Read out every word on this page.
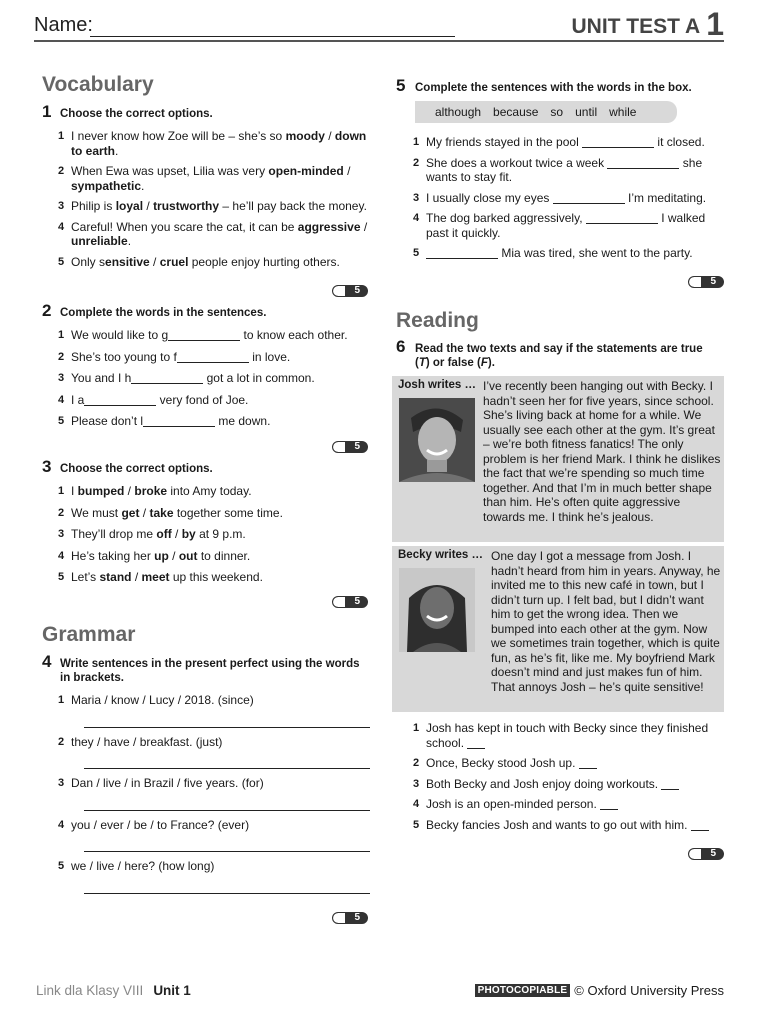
Name:	UNIT TEST A 1
Vocabulary
1 Choose the correct options.
1 I never know how Zoe will be – she’s so moody / down to earth.
2 When Ewa was upset, Lilia was very open-minded / sympathetic.
3 Philip is loyal / trustworthy – he’ll pay back the money.
4 Careful! When you scare the cat, it can be aggressive / unreliable.
5 Only sensitive / cruel people enjoy hurting others.
5
2 Complete the words in the sentences.
1 We would like to g	to know each other.
2 She’s too young to f	in love.
3 You and I h	got a lot in common.
4 I a	very fond of Joe.
5 Please don’t l	me down.
5
3 Choose the correct options.
1 I bumped / broke into Amy today.
2 We must get / take together some time.
3 They’ll drop me off / by at 9 p.m.
4 He’s taking her up / out to dinner.
5 Let’s stand / meet up this weekend.
5
Grammar
4 Write sentences in the present perfect using the words in brackets.
1 Maria / know / Lucy / 2018. (since)
2 they / have / breakfast. (just)
3 Dan / live / in Brazil / five years. (for)
4 you / ever / be / to France? (ever)
5 we / live / here? (how long)
5
5 Complete the sentences with the words in the box.
although because so until while
1 My friends stayed in the pool	it closed.
2 She does a workout twice a week	she wants to stay fit.
3 I usually close my eyes	I’m meditating.
4 The dog barked aggressively,	I walked past it quickly.
5	Mia was tired, she went to the party.
5
Reading
6 Read the two texts and say if the statements are true (T) or false (F).
Josh writes … I’ve recently been hanging out with Becky. I hadn’t seen her for five years, since school. She’s living back at home for a while. We usually see each other at the gym. It’s great – we’re both fitness fanatics! The only problem is her friend Mark. I think he dislikes the fact that we’re spending so much time together. And that I’m in much better shape than him. He’s often quite aggressive towards me. I think he’s jealous.
Becky writes … One day I got a message from Josh. I hadn’t heard from him in years. Anyway, he invited me to this new café in town, but I didn’t turn up. I felt bad, but I didn’t want him to get the wrong idea. Then we bumped into each other at the gym. Now we sometimes train together, which is quite fun, as he’s fit, like me. My boyfriend Mark doesn’t mind and just makes fun of him. That annoys Josh – he’s quite sensitive!
1 Josh has kept in touch with Becky since they finished school.
2 Once, Becky stood Josh up.
3 Both Becky and Josh enjoy doing workouts.
4 Josh is an open-minded person.
5 Becky fancies Josh and wants to go out with him.
5
Link dla Klasy VIII Unit 1	PHOTOCOPIABLE © Oxford University Press
